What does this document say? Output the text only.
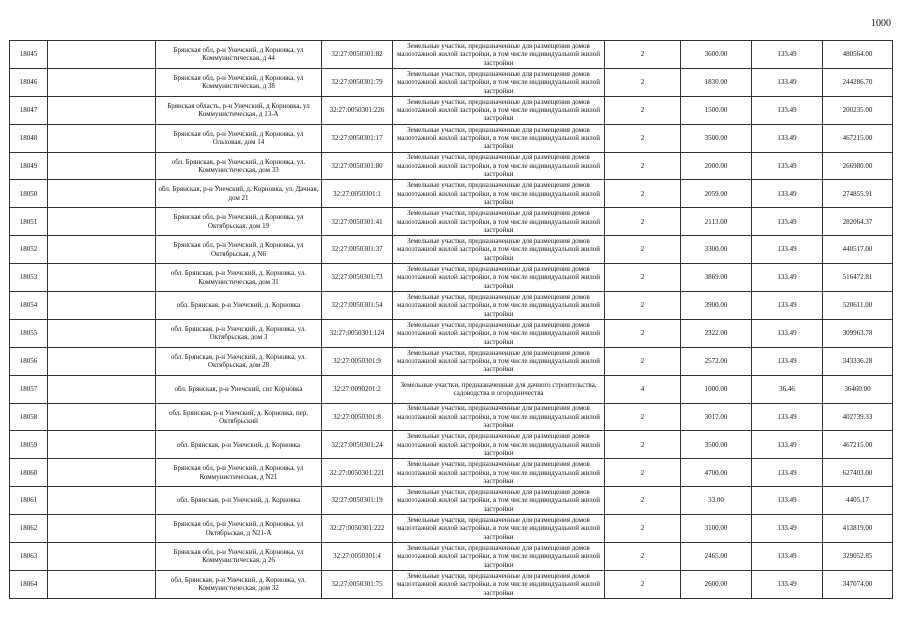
1000
18045		Брянская обл, р-н Унечский, д Корновка, ул Коммунистическая, д 44	32:27:0050301:82	Земельные участки, предназначенные для размещения домов малоэтажной жилой застройки, в том числе индивидуальной жилой застройки	2	3600.00	133.49	480564.00
18046		Брянская обл, р-н Унечский, д Корновка, ул Коммунистическая, д 38	32:27:0050301:79	Земельные участки, предназначенные для размещения домов малоэтажной жилой застройки, в том числе индивидуальной жилой застройки	2	1830.00	133.49	244286.70
18047		Брянская область, р-н Унечский, д Корновка, ул Коммунистическая, д 13-А	32:27:0050301:226	Земельные участки, предназначенные для размещения домов малоэтажной жилой застройки, в том числе индивидуальной жилой застройки	2	1500.00	133.49	200235.00
18048		Брянская обл, р-н Унечский, д Корновка, ул Ольховая, дом 14	32:27:0050301:17	Земельные участки, предназначенные для размещения домов малоэтажной жилой застройки, в том числе индивидуальной жилой застройки	2	3500.00	133.49	467215.00
18049		обл. Брянская, р-н Унечский, д Корновка, ул. Коммунистическая, дом 33	32:27:0050301:80	Земельные участки, предназначенные для размещения домов малоэтажной жилой застройки, в том числе индивидуальной жилой застройки	2	2000.00	133.49	266980.00
18050		обл. Брянская, р-н Унечский, д. Корновка, ул. Дачная, дом 21	32:27:0050301:1	Земельные участки, предназначенные для размещения домов малоэтажной жилой застройки, в том числе индивидуальной жилой застройки	2	2059.00	133.49	274855.91
18051		Брянская обл, р-н Унечский, д Корновка, ул Октябрьская, дом 19	32:27:0050301:41	Земельные участки, предназначенные для размещения домов малоэтажной жилой застройки, в том числе индивидуальной жилой застройки	2	2113.00	133.49	282064.37
18052		Брянская обл, р-н Унечский, д Корновка, ул Октябрьская, д N6	32:27:0050301:37	Земельные участки, предназначенные для размещения домов малоэтажной жилой застройки, в том числе индивидуальной жилой застройки	2	3300.00	133.49	440517.00
18053		обл. Брянская, р-н Унечский, д. Корновка, ул. Коммунистическая, дом 31	32:27:0050301:73	Земельные участки, предназначенные для размещения домов малоэтажной жилой застройки, в том числе индивидуальной жилой застройки	2	3869.00	133.49	516472.81
18054		обл. Брянская, р-н Унечский, д. Корновка	32:27:0050301:54	Земельные участки, предназначенные для размещения домов малоэтажной жилой застройки, в том числе индивидуальной жилой застройки	2	3900.00	133.49	520611.00
18055		обл. Брянская, р-н Унечский, д. Корновка, ул. Октябрьская, дом 3	32:27:0050301:124	Земельные участки, предназначенные для размещения домов малоэтажной жилой застройки, в том числе индивидуальной жилой застройки	2	2322.00	133.49	309963.78
18056		обл. Брянская, р-н Унечский, д. Корновка, ул. Октябрьская, дом 28	32:27:0050301:9	Земельные участки, предназначенные для размещения домов малоэтажной жилой застройки, в том числе индивидуальной жилой застройки	2	2572.00	133.49	343336.28
18057		обл. Брянская, р-н Унечский, снт Корновка	32:27:0090201:2	Земельные участки, предназначенные для дачного строительства, садоводства и огородничества	4	1000.00	36.46	36460.00
18058		обл. Брянская, р-н Унечский, д. Корновка, пер. Октябрьский	32:27:0050301:8	Земельные участки, предназначенные для размещения домов малоэтажной жилой застройки, в том числе индивидуальной жилой застройки	2	3017.00	133.49	402739.33
18059		обл. Брянская, р-н Унечский, д. Корновка	32:27:0050301:24	Земельные участки, предназначенные для размещения домов малоэтажной жилой застройки, в том числе индивидуальной жилой застройки	2	3500.00	133.49	467215.00
18060		Брянская обл, р-н Унечский, д Корновка, ул Коммунистическая, д N21	32:27:0050301:221	Земельные участки, предназначенные для размещения домов малоэтажной жилой застройки, в том числе индивидуальной жилой застройки	2	4700.00	133.49	627403.00
18061		обл. Брянская, р-н Унечский, д. Корновка	32:27:0050301:19	Земельные участки, предназначенные для размещения домов малоэтажной жилой застройки, в том числе индивидуальной жилой застройки	2	33.00	133.49	4405.17
18062		Брянская обл, р-н Унечский, д Корновка, ул Октябрьская, д N21-А	32:27:0050301:222	Земельные участки, предназначенные для размещения домов малоэтажной жилой застройки, в том числе индивидуальной жилой застройки	2	3100.00	133.49	413819.00
18063		Брянская обл, р-н Унечский, д Корновка, ул Коммунистическая, д 26	32:27:0050301:4	Земельные участки, предназначенные для размещения домов малоэтажной жилой застройки, в том числе индивидуальной жилой застройки	2	2465.00	133.49	329052.85
18064		обл. Брянская, р-н Унечский, д. Корновка, ул. Коммунистическая, дом 32	32:27:0050301:75	Земельные участки, предназначенные для размещения домов малоэтажной жилой застройки, в том числе индивидуальной жилой застройки	2	2600.00	133.49	347074.00
